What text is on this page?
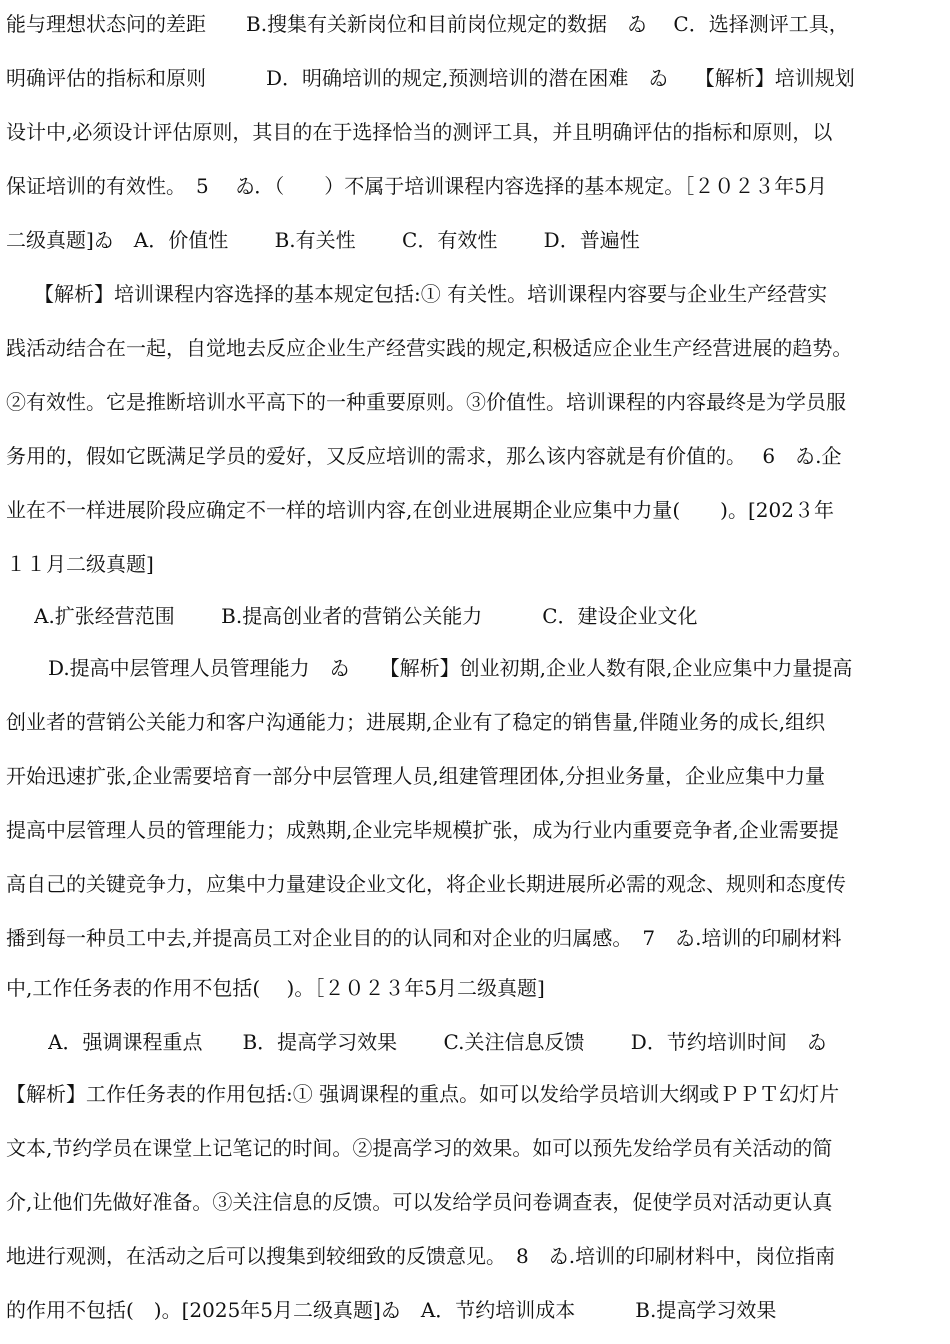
能与理想状态问的差距　　B.搜集有关新岗位和目前岗位规定的数据　ゐ　 C．选择测评工具，
明确评估的指标和原则　　　D．明确培训的规定,预测培训的潜在困难　ゐ　 【解析】培训规划
设计中,必须设计评估原则，其目的在于选择恰当的测评工具，并且明确评估的指标和原则，以
保证培训的有效性。　5　 ゐ．（　　）不属于培训课程内容选择的基本规定。［２０２３年5月
二级真题]ゐ　A．价值性　　 B.有关性　　 C．有效性　　 D．普遍性
【解析】培训课程内容选择的基本规定包括:① 有关性。培训课程内容要与企业生产经营实
践活动结合在一起，自觉地去反应企业生产经营实践的规定,积极适应企业生产经营进展的趋势。
②有效性。它是推断培训水平高下的一种重要原则。③价值性。培训课程的内容最终是为学员服
务用的，假如它既满足学员的爱好，又反应培训的需求，那么该内容就是有价值的。　 6　ゐ.企
业在不一样进展阶段应确定不一样的培训内容,在创业进展期企业应集中力量(　　)。[202３年
１１月二级真题]
A.扩张经营范围　　 B.提高创业者的营销公关能力　　　C．建设企业文化
D.提高中层管理人员管理能力　ゐ　　【解析】创业初期,企业人数有限,企业应集中力量提高
创业者的营销公关能力和客户沟通能力；进展期,企业有了稳定的销售量,伴随业务的成长,组织
开始迅速扩张,企业需要培育一部分中层管理人员,组建管理团体,分担业务量，企业应集中力量
提高中层管理人员的管理能力；成熟期,企业完毕规模扩张，成为行业内重要竞争者,企业需要提
高自己的关键竞争力，应集中力量建设企业文化，将企业长期进展所必需的观念、规则和态度传
播到每一种员工中去,并提高员工对企业目的的认同和对企业的归属感。　7　ゐ.培训的印刷材料
中,工作任务表的作用不包括(　 )。［２０２３年5月二级真题]
A．强调课程重点　　B．提高学习效果　　 C.关注信息反馈　　 D．节约培训时间　ゐ
【解析】工作任务表的作用包括:① 强调课程的重点。如可以发给学员培训大纲或ＰＰＴ幻灯片
文本,节约学员在课堂上记笔记的时间。②提高学习的效果。如可以预先发给学员有关活动的简
介,让他们先做好准备。③关注信息的反馈。可以发给学员问卷调查表，促使学员对活动更认真
地进行观测，在活动之后可以搜集到较细致的反馈意见。　8　ゐ.培训的印刷材料中，岗位指南
的作用不包括(　)。[2025年5月二级真题]ゐ　A．节约培训成本　　　B.提高学习效果
